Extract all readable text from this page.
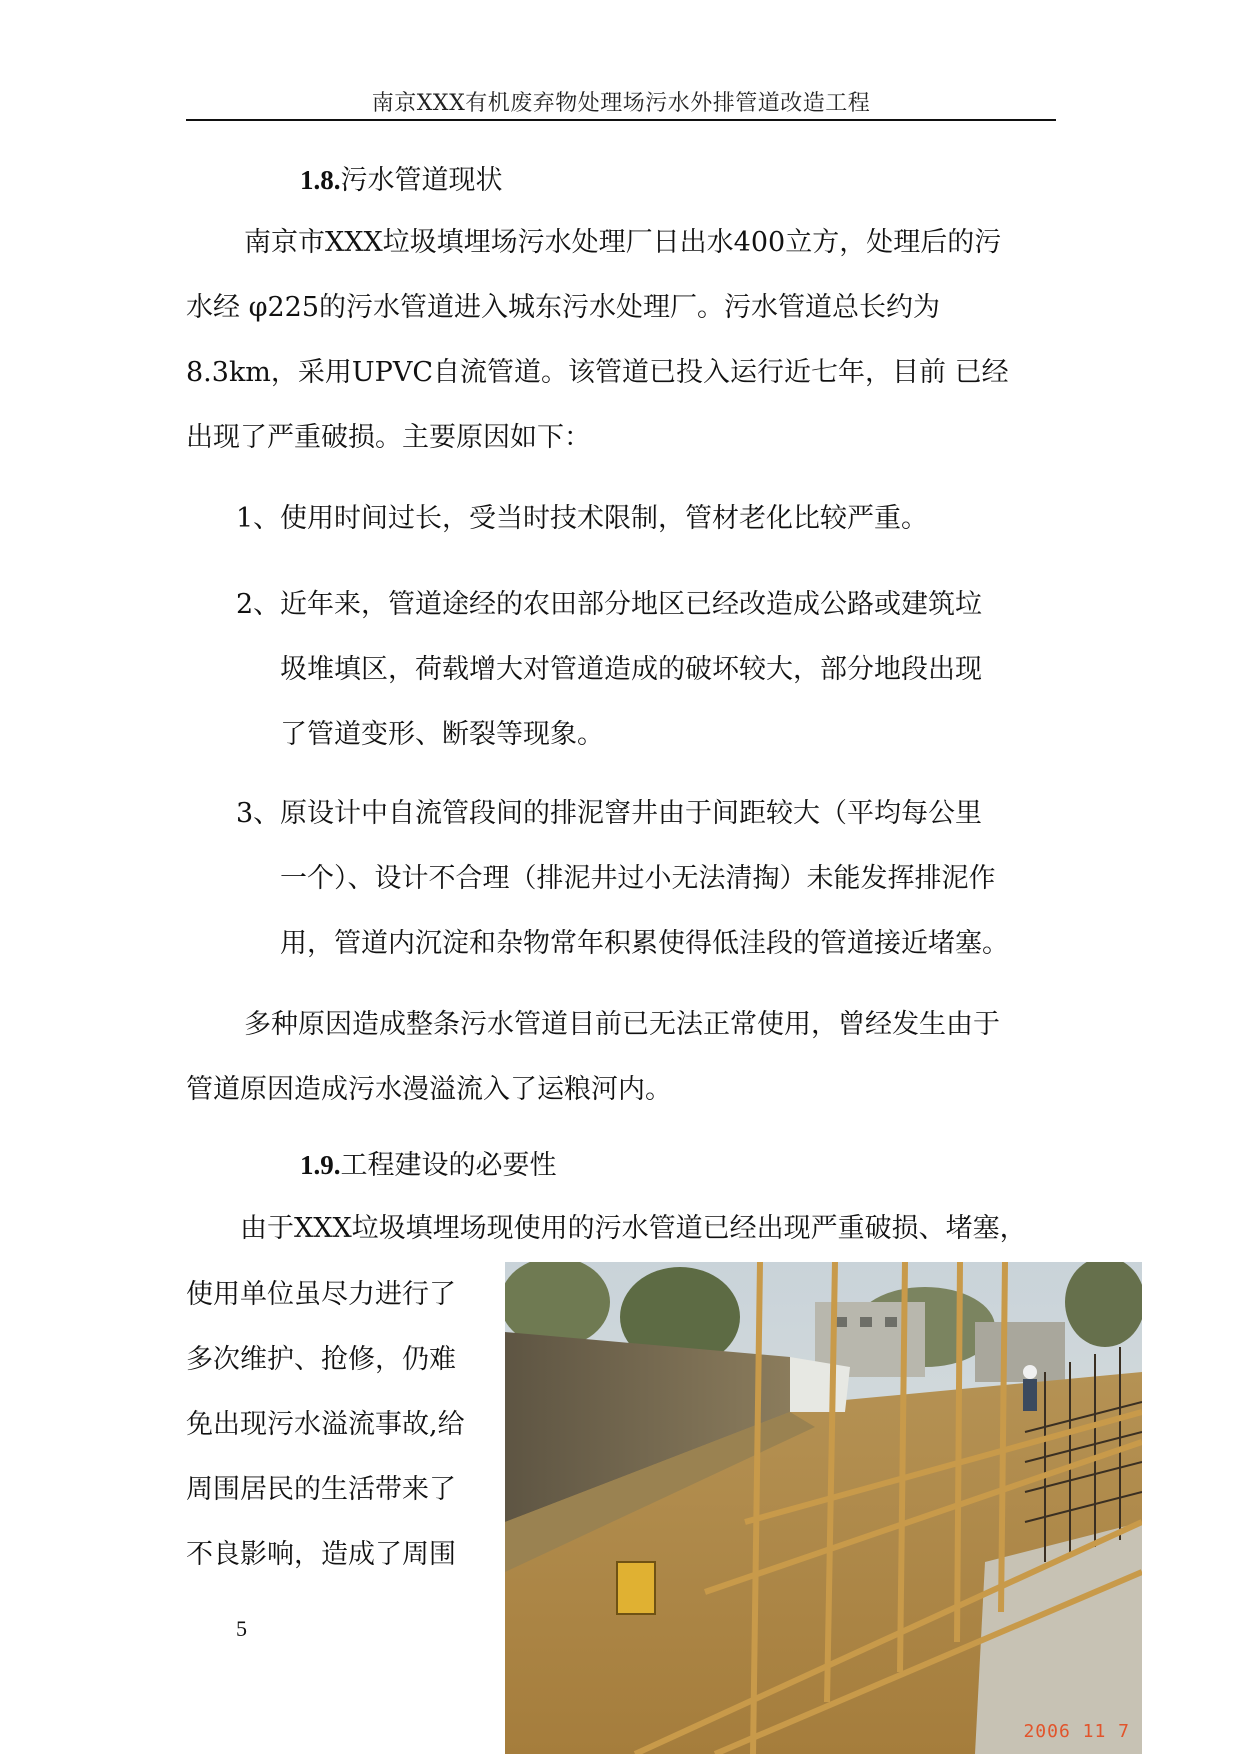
南京XXX有机废弃物处理场污水外排管道改造工程
1.8.污水管道现状
南京市XXX垃圾填埋场污水处理厂日出水400立方，处理后的污
水经 φ225的污水管道进入城东污水处理厂。污水管道总长约为
8.3km，采用UPVC自流管道。该管道已投入运行近七年，目前 已经
出现了严重破损。主要原因如下：
1、 使用时间过长，受当时技术限制，管材老化比较严重。
2、 近年来，管道途经的农田部分地区已经改造成公路或建筑垃
圾堆填区，荷载增大对管道造成的破坏较大，部分地段出现
了管道变形、断裂等现象。
3、 原设计中自流管段间的排泥窨井由于间距较大（平均每公里
一个）、设计不合理（排泥井过小无法清掏）未能发挥排泥作
用，管道内沉淀和杂物常年积累使得低洼段的管道接近堵塞。
多种原因造成整条污水管道目前已无法正常使用，曾经发生由于
管道原因造成污水漫溢流入了运粮河内。
1.9.工程建设的必要性
由于XXX垃圾填埋场现使用的污水管道已经出现严重破损、堵塞，
使用单位虽尽力进行了
多次维护、抢修，仍难
免出现污水溢流事故,给
周围居民的生活带来了
不良影响，造成了周围
2006 11 7
5
